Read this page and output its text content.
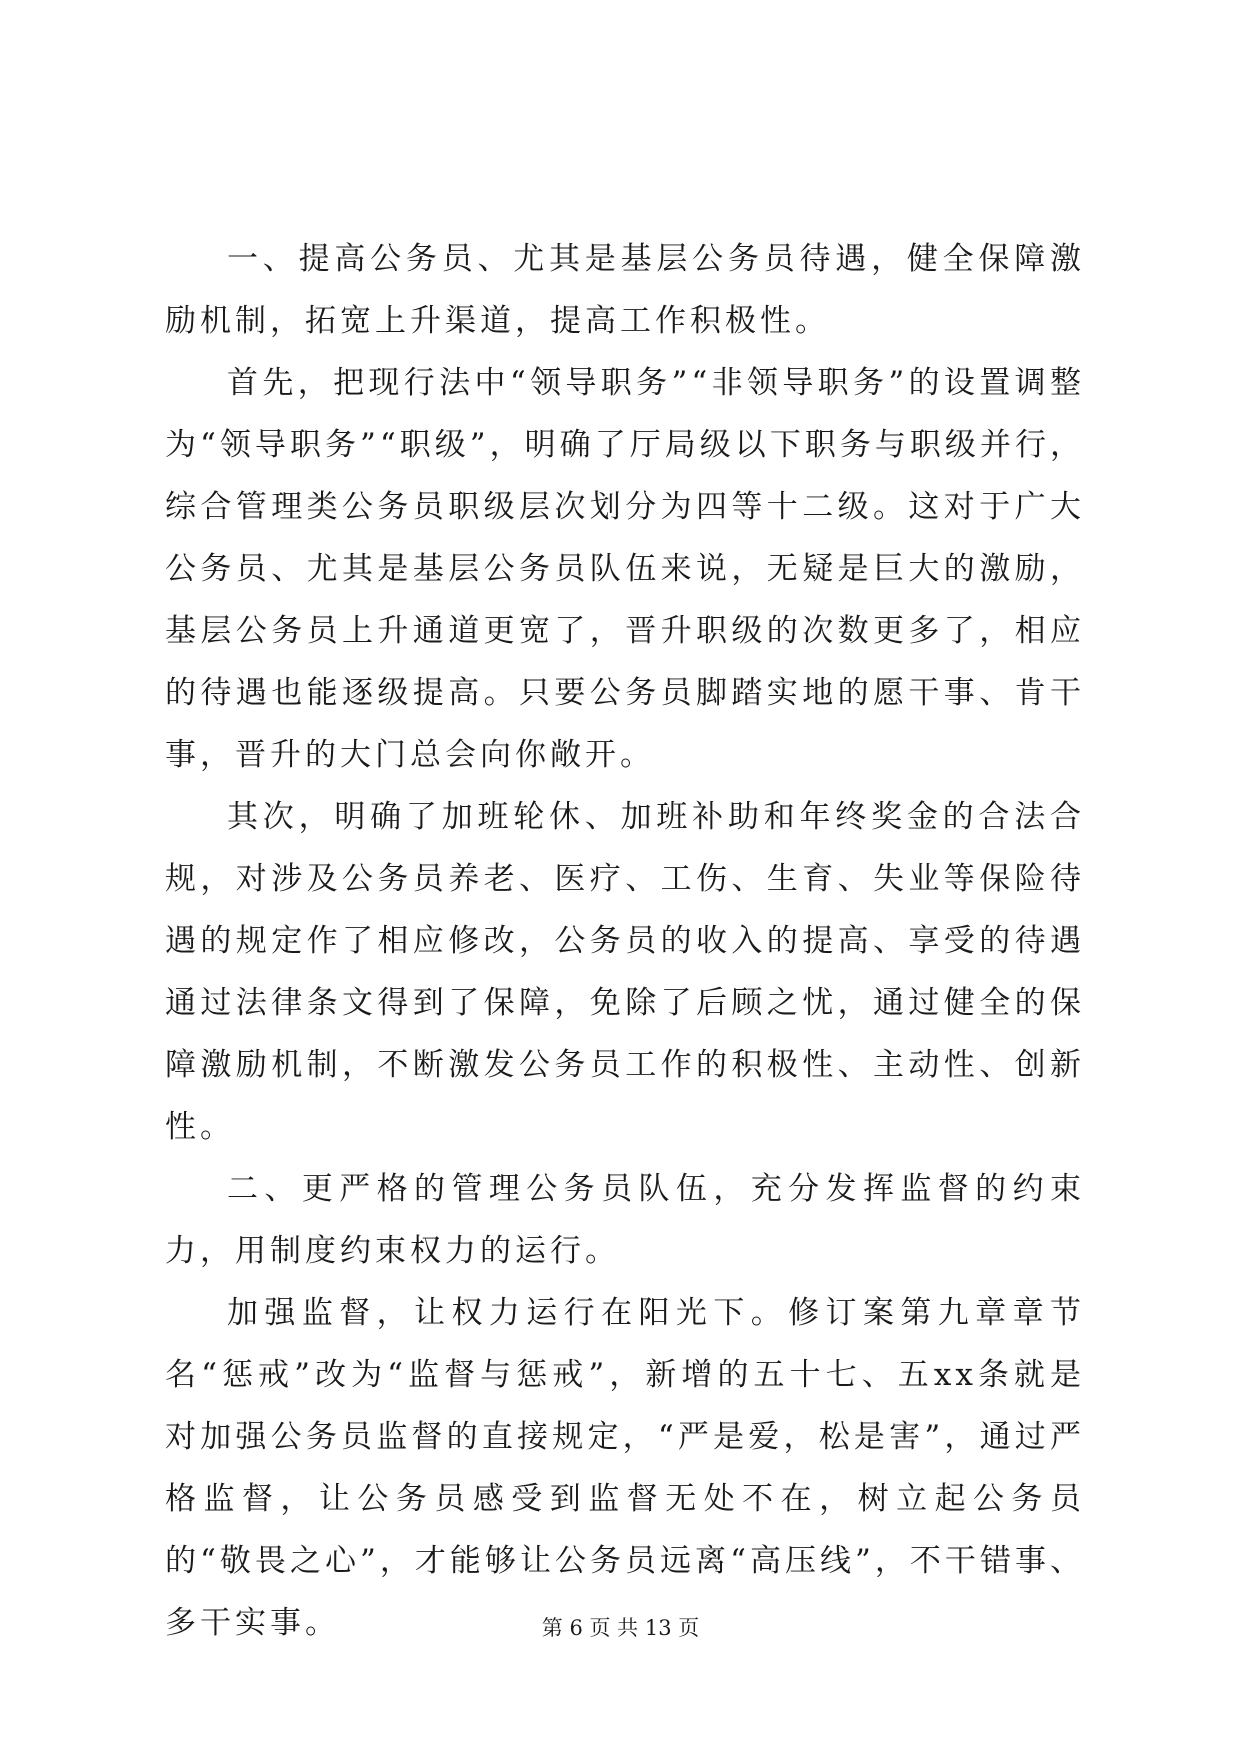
一、提高公务员、尤其是基层公务员待遇，健全保障激励机制，拓宽上升渠道，提高工作积极性。

首先，把现行法中“领导职务”“非领导职务”的设置调整为“领导职务”“职级”，明确了厅局级以下职务与职级并行，综合管理类公务员职级层次划分为四等十二级。这对于广大公务员、尤其是基层公务员队伍来说，无疑是巨大的激励，基层公务员上升通道更宽了，晋升职级的次数更多了，相应的待遇也能逐级提高。只要公务员脚踏实地的愿干事、肯干事，晋升的大门总会向你敞开。

其次，明确了加班轮休、加班补助和年终奖金的合法合规，对涉及公务员养老、医疗、工伤、生育、失业等保险待遇的规定作了相应修改，公务员的收入的提高、享受的待遇通过法律条文得到了保障，免除了后顾之忧，通过健全的保障激励机制，不断激发公务员工作的积极性、主动性、创新性。

二、更严格的管理公务员队伍，充分发挥监督的约束力，用制度约束权力的运行。

加强监督，让权力运行在阳光下。修订案第九章章节名“惩戒”改为“监督与惩戒”，新增的五十七、五xx条就是对加强公务员监督的直接规定，“严是爱，松是害”，通过严格监督，让公务员感受到监督无处不在，树立起公务员的“敬畏之心”，才能够让公务员远离“高压线”，不干错事、多干实事。	第 6 页 共 13 页
